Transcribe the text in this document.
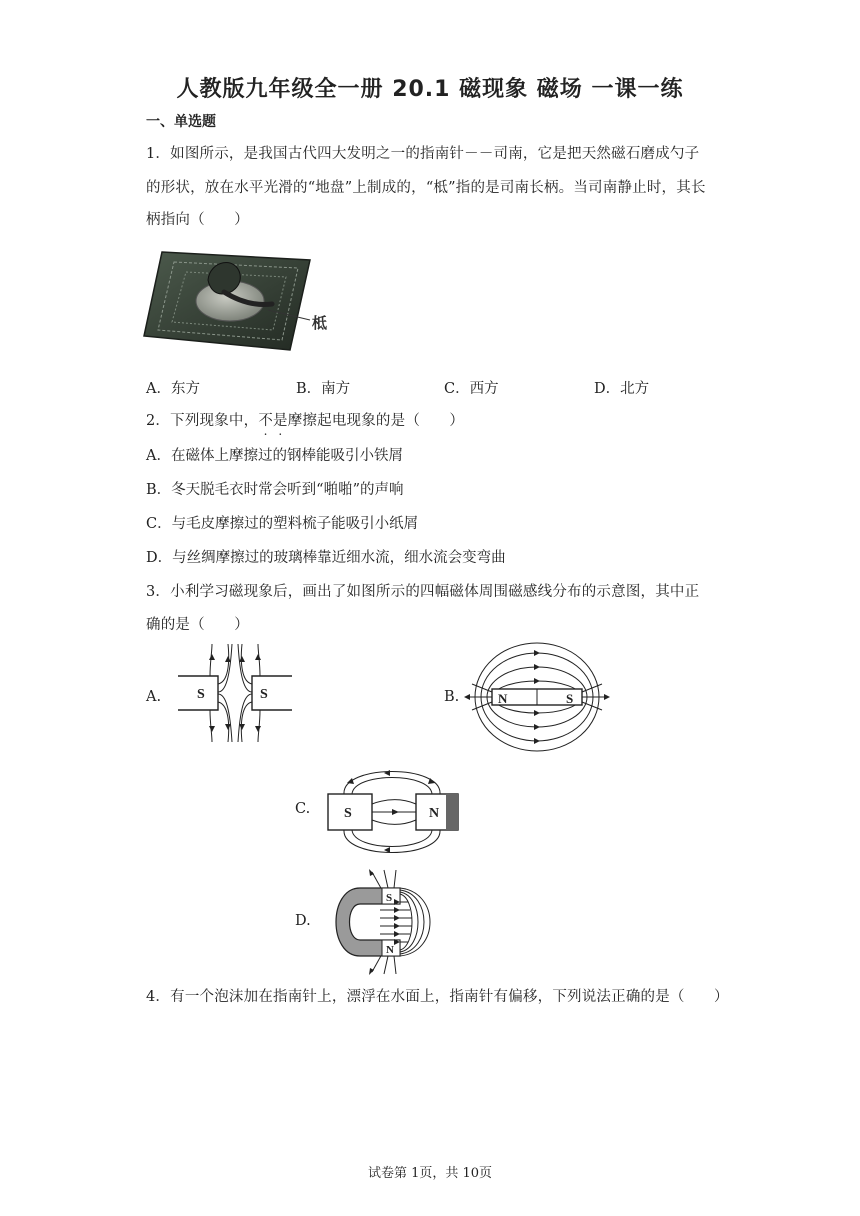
人教版九年级全一册 20.1 磁现象 磁场 一课一练
一、单选题
1．如图所示，是我国古代四大发明之一的指南针－－司南，它是把天然磁石磨成勺子
的形状，放在水平光滑的“地盘”上制成的，“柢”指的是司南长柄。当司南静止时，其长
柄指向（　　）
柢
A．东方	B．南方	C．西方	D．北方
2．下列现象中，不是摩擦起电现象的是（　　）
A．在磁体上摩擦过的钢棒能吸引小铁屑
B．冬天脱毛衣时常会听到“啪啪”的声响
C．与毛皮摩擦过的塑料梳子能吸引小纸屑
D．与丝绸摩擦过的玻璃棒靠近细水流，细水流会变弯曲
3．小利学习磁现象后，画出了如图所示的四幅磁体周围磁感线分布的示意图，其中正
确的是（　　）
A.	S	S	B.	N	S
C. S	N
D.
S
N
4．有一个泡沫加在指南针上，漂浮在水面上，指南针有偏移，下列说法正确的是（　　）
试卷第 1页，共 10页
